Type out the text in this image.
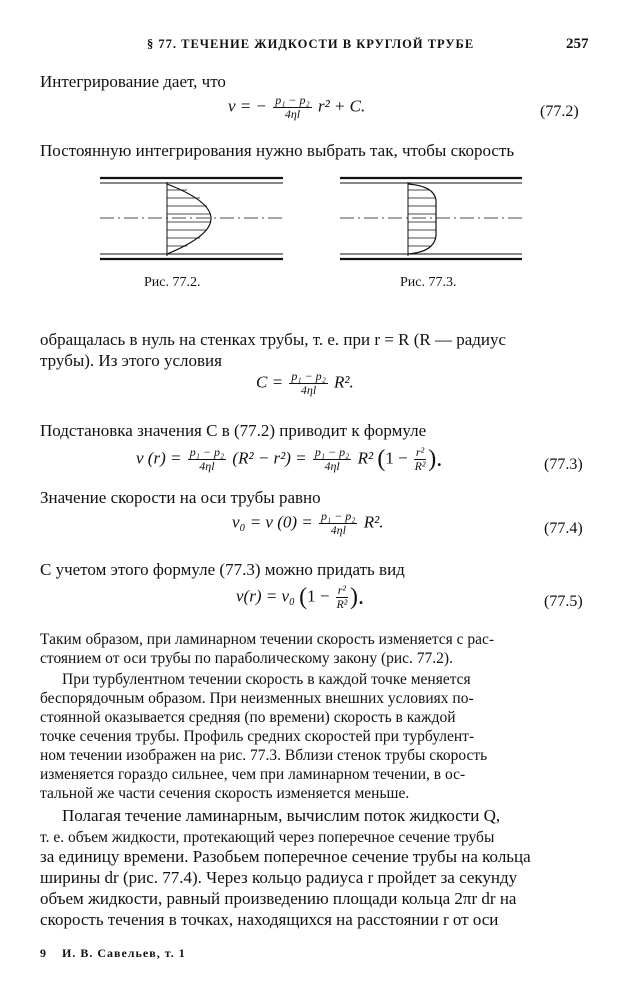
§ 77. ТЕЧЕНИЕ ЖИДКОСТИ В КРУГЛОЙ ТРУБЕ	257
Интегрирование дает, что
v = − $\frac{\text{p₁ − p₂}}{4\eta l} r^2 + C$.	(77.2)
Постоянную интегрирования нужно выбрать так, чтобы скорость
Рис. 77.2.	Рис. 77.3.
обращалась в нуль на стенках трубы, т. е. при r = R (R — радиус
трубы). Из этого условия
$C = \frac{\text{p₁ − p₂}}{4\eta l} R^2$.
Подстановка значения C в (77.2) приводит к формуле
v $(r) = \frac{\text{p₁ − p₂}}{4\eta l} (R^2 - r^2) = \frac{\text{p₁ − p₂}}{4\eta l} R^2$ ($1 - \frac{\text{r²}}{\text{R²}}$ ).	(77.3)
Значение скорости на оси трубы равно
v₀ = v $(0) = \frac{\text{p₁ − p₂}}{4\eta l} R^2$.	(77.4)
С учетом этого формуле (77.3) можно придать вид
v(r) = v₀ ($1 - \frac{\text{r²}}{\text{R²}}$ ).	(77.5)
Таким образом, при ламинарном течении скорость изменяется с рас-
стоянием от оси трубы по параболическому закону (рис. 77.2).
При турбулентном течении скорость в каждой точке меняется
беспорядочным образом. При неизменных внешних условиях по-
стоянной оказывается средняя (по времени) скорость в каждой
точке сечения трубы. Профиль средних скоростей при турбулент-
ном течении изображен на рис. 77.3. Вблизи стенок трубы скорость
изменяется гораздо сильнее, чем при ламинарном течении, в ос-
тальной же части сечения скорость изменяется меньше.
Полагая течение ламинарным, вычислим поток жидкости Q,
т. е. объем жидкости, протекающий через поперечное сечение трубы
за единицу времени. Разобьем поперечное сечение трубы на кольца
ширины dr (рис. 77.4). Через кольцо радиуса r пройдет за секунду
объем жидкости, равный произведению площади кольца 2πr dr на
скорость течения в точках, находящихся на расстоянии r от оси
9 И. В. Савельев, т. 1
